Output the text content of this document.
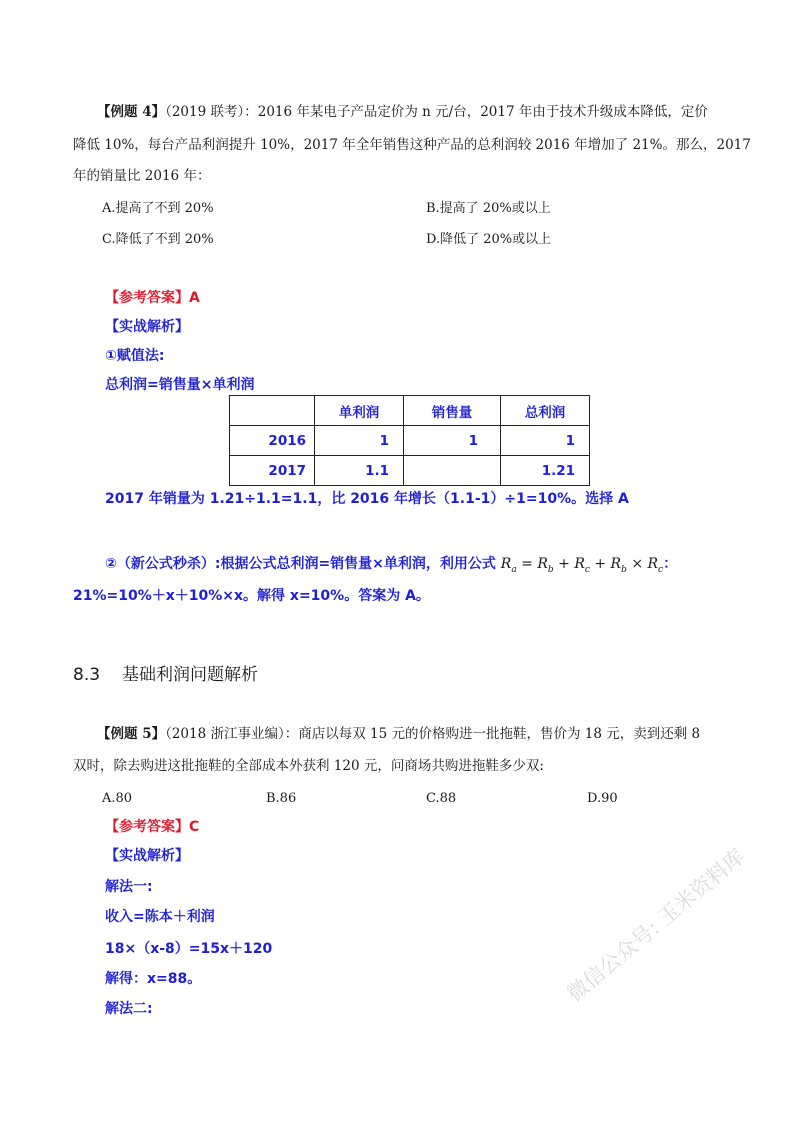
【例题 4】（2019 联考）：2016 年某电子产品定价为 n 元/台，2017 年由于技术升级成本降低，定价
降低 10%，每台产品利润提升 10%，2017 年全年销售这种产品的总利润较 2016 年增加了 21%。那么，2017
年的销量比 2016 年：
A.提高了不到 20%	B.提高了 20%或以上
C.降低了不到 20%	D.降低了 20%或以上
【参考答案】A
【实战解析】
①赋值法:
总利润=销售量×单利润
	单利润	销售量	总利润
2016	1	1	1
2017	1.1		1.21
2017 年销量为 1.21÷1.1=1.1，比 2016 年增长（1.1-1）÷1=10%。选择 A
②（新公式秒杀）:根据公式总利润=销售量×单利润，利用公式 $R_a = R_b + R_c + R_b \times R_c$：
21%=10%＋x＋10%×x。解得 x=10%。答案为 A。
8.3 基础利润问题解析
【例题 5】（2018 浙江事业编）：商店以每双 15 元的价格购进一批拖鞋，售价为 18 元，卖到还剩 8
双时，除去购进这批拖鞋的全部成本外获利 120 元，问商场共购进拖鞋多少双:
A.80	B.86	C.88	D.90
【参考答案】C
【实战解析】
解法一:
收入=陈本＋利润
18×（x-8）=15x＋120
解得：x=88。
解法二:
微信公众号: 玉米资料库
